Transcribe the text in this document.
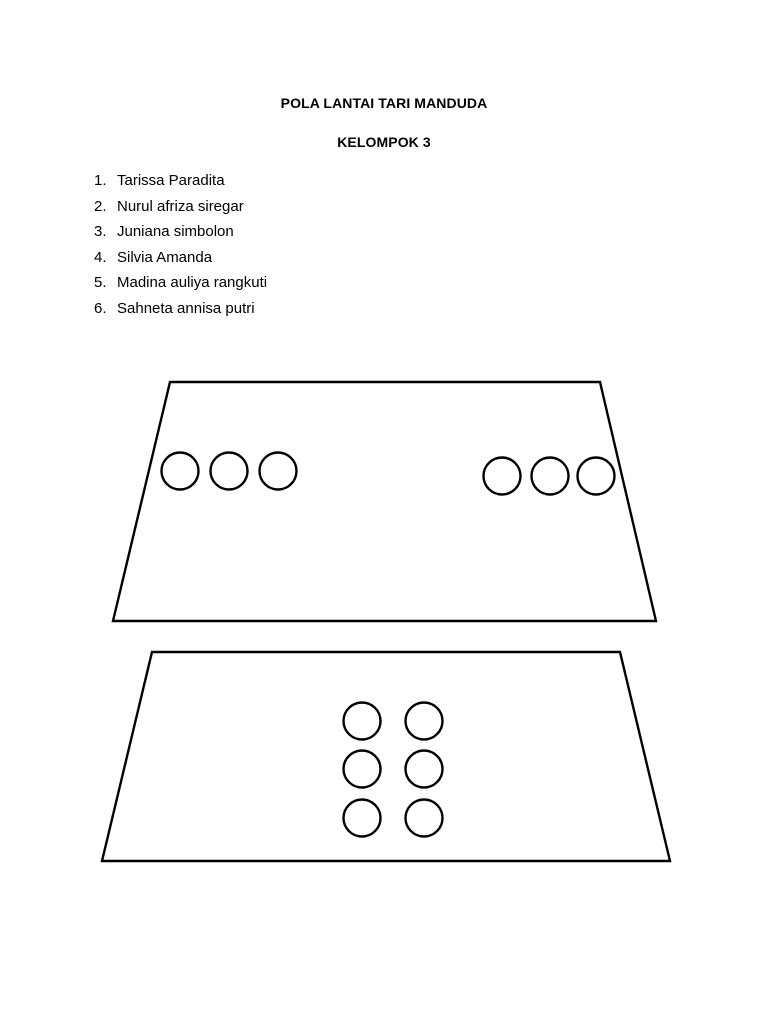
POLA LANTAI TARI MANDUDA
KELOMPOK 3
1. Tarissa Paradita
2. Nurul afriza siregar
3. Juniana simbolon
4. Silvia Amanda
5. Madina auliya rangkuti
6. Sahneta annisa putri
